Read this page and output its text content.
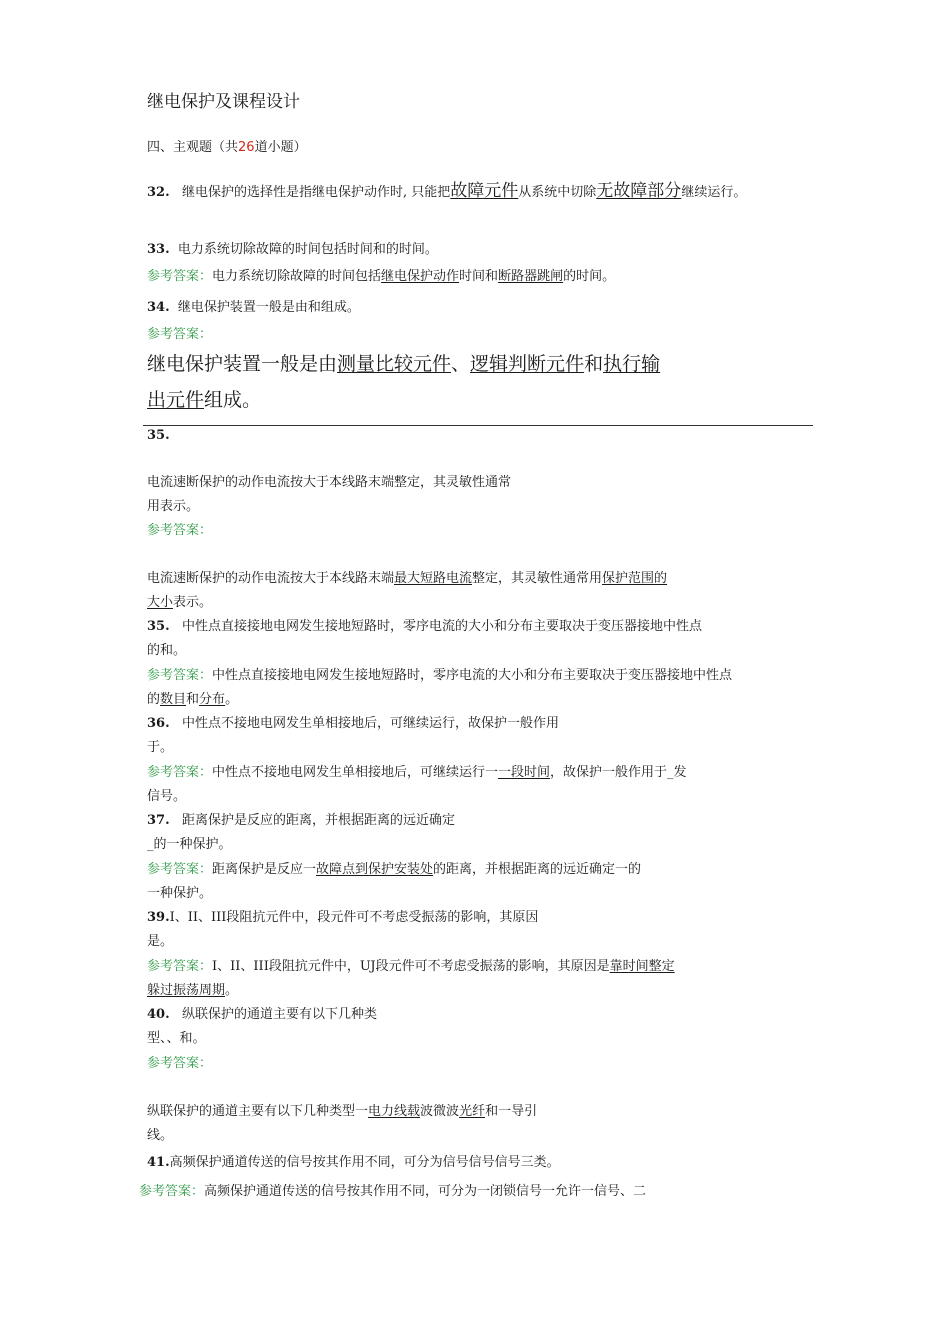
继电保护及课程设计
四、主观题（共26道小题）
32. 继电保护的选择性是指继电保护动作时, 只能把故障元件从系统中切除无故障部分继续运行。
33. 电力系统切除故障的时间包括时间和的时间。
参考答案：电力系统切除故障的时间包括继电保护动作时间和断路器跳闸的时间。
34. 继电保护装置一般是由和组成。
参考答案：
继电保护装置一般是由测量比较元件、逻辑判断元件和执行输
出元件组成。
35.
电流速断保护的动作电流按大于本线路末端整定，其灵敏性通常
用表示。
参考答案：
电流速断保护的动作电流按大于本线路末端最大短路电流整定，其灵敏性通常用保护范围的
大小表示。
35. 中性点直接接地电网发生接地短路时，零序电流的大小和分布主要取决于变压器接地中性点
的和。
参考答案：中性点直接接地电网发生接地短路时，零序电流的大小和分布主要取决于变压器接地中性点
的数目和分布。
36. 中性点不接地电网发生单相接地后，可继续运行，故保护一般作用
于。
参考答案：中性点不接地电网发生单相接地后，可继续运行一一段时间，故保护一般作用于_发
信号。
37. 距离保护是反应的距离，并根据距离的远近确定
_的一种保护。
参考答案：距离保护是反应一故障点到保护安装处的距离，并根据距离的远近确定一的
一种保护。
39.I、II、III段阻抗元件中，段元件可不考虑受振荡的影响，其原因
是。
参考答案：I、II、III段阻抗元件中，UJ段元件可不考虑受振荡的影响，其原因是靠时间整定
躲过振荡周期。
40. 纵联保护的通道主要有以下几种类
型、、和。
参考答案：
纵联保护的通道主要有以下几种类型一电力线载波微波光纤和一导引
线。
41.高频保护通道传送的信号按其作用不同，可分为信号信号信号三类。
参考答案：高频保护通道传送的信号按其作用不同，可分为一闭锁信号一允许一信号、二
